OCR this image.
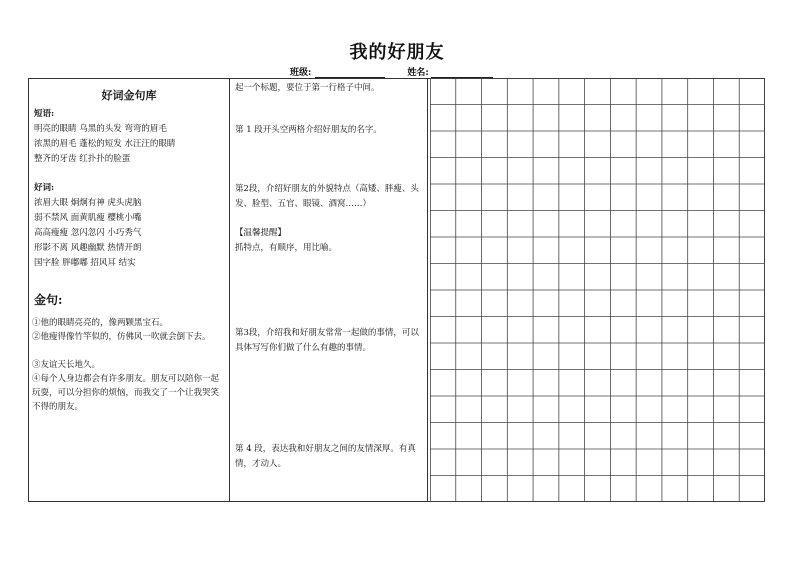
我的好朋友
班级:	姓名:
好词金句库
短语:
明亮的眼睛 乌黑的头发 弯弯的眉毛
浓黑的眉毛 蓬松的短发 水汪汪的眼睛
整齐的牙齿 红扑扑的脸蛋
好词:
浓眉大眼 炯炯有神 虎头虎脑
弱不禁风 面黄肌瘦 樱桃小嘴
高高瘦瘦 忽闪忽闪 小巧秀气
形影不离 风趣幽默 热情开朗
国字脸 胖嘟嘟 招风耳 结实
金句:
①他的眼睛亮亮的，像两颗黑宝石。
②他瘦得像竹竿似的，仿佛风一吹就会倒下去。
③友谊天长地久。
④每个人身边都会有许多朋友。朋友可以陪你一起玩耍，可以分担你的烦恼，而我交了一个让我哭笑不得的朋友。
起一个标题，要位于第一行格子中间。
第 1 段开头空两格介绍好朋友的名字。
第2段，介绍好朋友的外貌特点（高矮、胖瘦、头发、脸型、五官、眼镜、酒窝……）
【温馨提醒】
抓特点，有顺序，用比喻。
第3段，介绍我和好朋友常常一起做的事情，可以具体写写你们做了什么有趣的事情。
第 4 段，表达我和好朋友之间的友情深厚。有真情，才动人。
